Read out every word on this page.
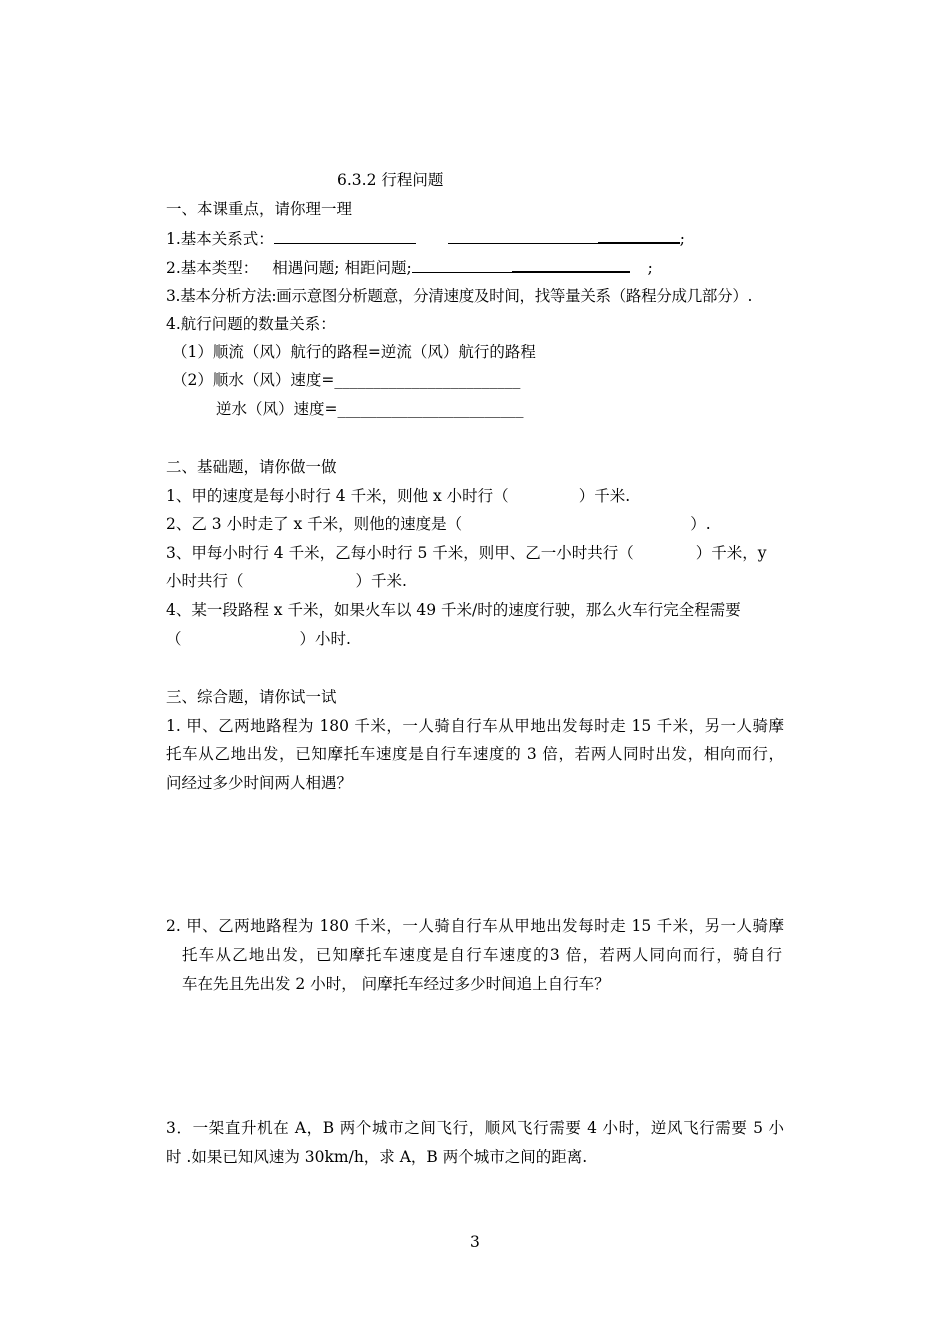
6.3.2 行程问题
一、本课重点，请你理一理
1.基本关系式：	;
2.基本类型： 相遇问题; 相距问题;	;
3.基本分析方法:画示意图分析题意，分清速度及时间，找等量关系（路程分成几部分）.
4.航行问题的数量关系：
（1）顺流（风）航行的路程=逆流（风）航行的路程
（2）顺水（风）速度=________________________
逆水（风）速度=________________________
二、基础题，请你做一做
1、甲的速度是每小时行 4 千米，则他 x 小时行（	）千米.
2、乙 3 小时走了 x 千米，则他的速度是（	）.
3、甲每小时行 4 千米，乙每小时行 5 千米，则甲、乙一小时共行（	）千米，y
小时共行（	）千米.
4、某一段路程 x 千米，如果火车以 49 千米/时的速度行驶，那么火车行完全程需要
（	）小时.
三、综合题，请你试一试
1. 甲、乙两地路程为 180 千米，一人骑自行车从甲地出发每时走 15 千米，另一人骑摩
托车从乙地出发，已知摩托车速度是自行车速度的 3 倍，若两人同时出发，相向而行，
问经过多少时间两人相遇？
2. 甲、乙两地路程为 180 千米，一人骑自行车从甲地出发每时走 15 千米，另一人骑摩
托车从乙地出发，已知摩托车速度是自行车速度的3 倍，若两人同向而行，骑自行
车在先且先出发 2 小时， 问摩托车经过多少时间追上自行车？
3．一架直升机在 A，B 两个城市之间飞行，顺风飞行需要 4 小时，逆风飞行需要 5 小
时 .如果已知风速为 30km/h，求 A，B 两个城市之间的距离.
3
